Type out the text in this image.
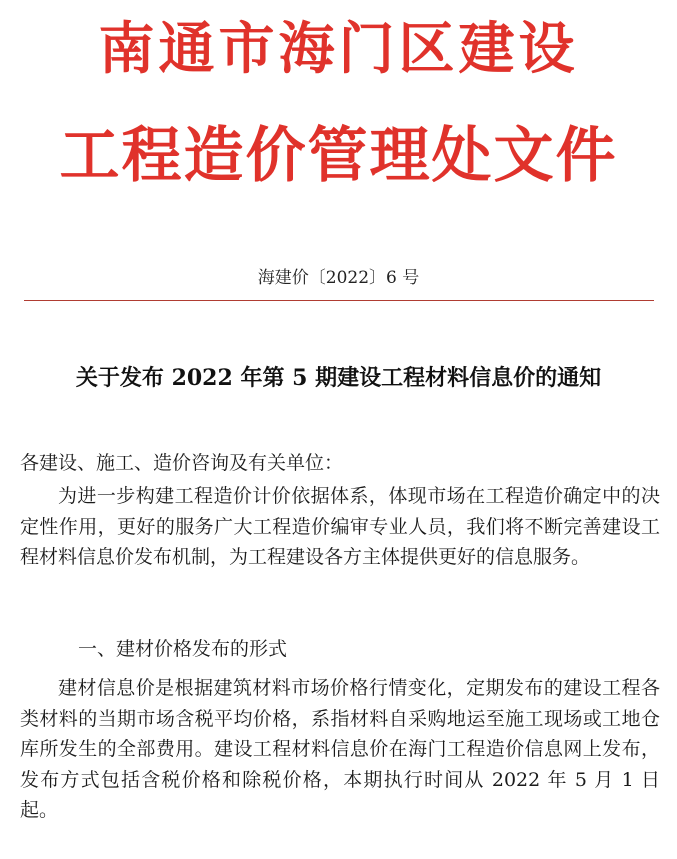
南通市海门区建设
工程造价管理处文件
海建价〔2022〕6 号
关于发布 2022 年第 5 期建设工程材料信息价的通知
各建设、施工、造价咨询及有关单位：
为进一步构建工程造价计价依据体系，体现市场在工程造价确定中的决定性作用，更好的服务广大工程造价编审专业人员，我们将不断完善建设工程材料信息价发布机制，为工程建设各方主体提供更好的信息服务。
一、建材价格发布的形式
建材信息价是根据建筑材料市场价格行情变化，定期发布的建设工程各类材料的当期市场含税平均价格，系指材料自采购地运至施工现场或工地仓库所发生的全部费用。建设工程材料信息价在海门工程造价信息网上发布，发布方式包括含税价格和除税价格，本期执行时间从 2022 年 5 月 1 日起。
